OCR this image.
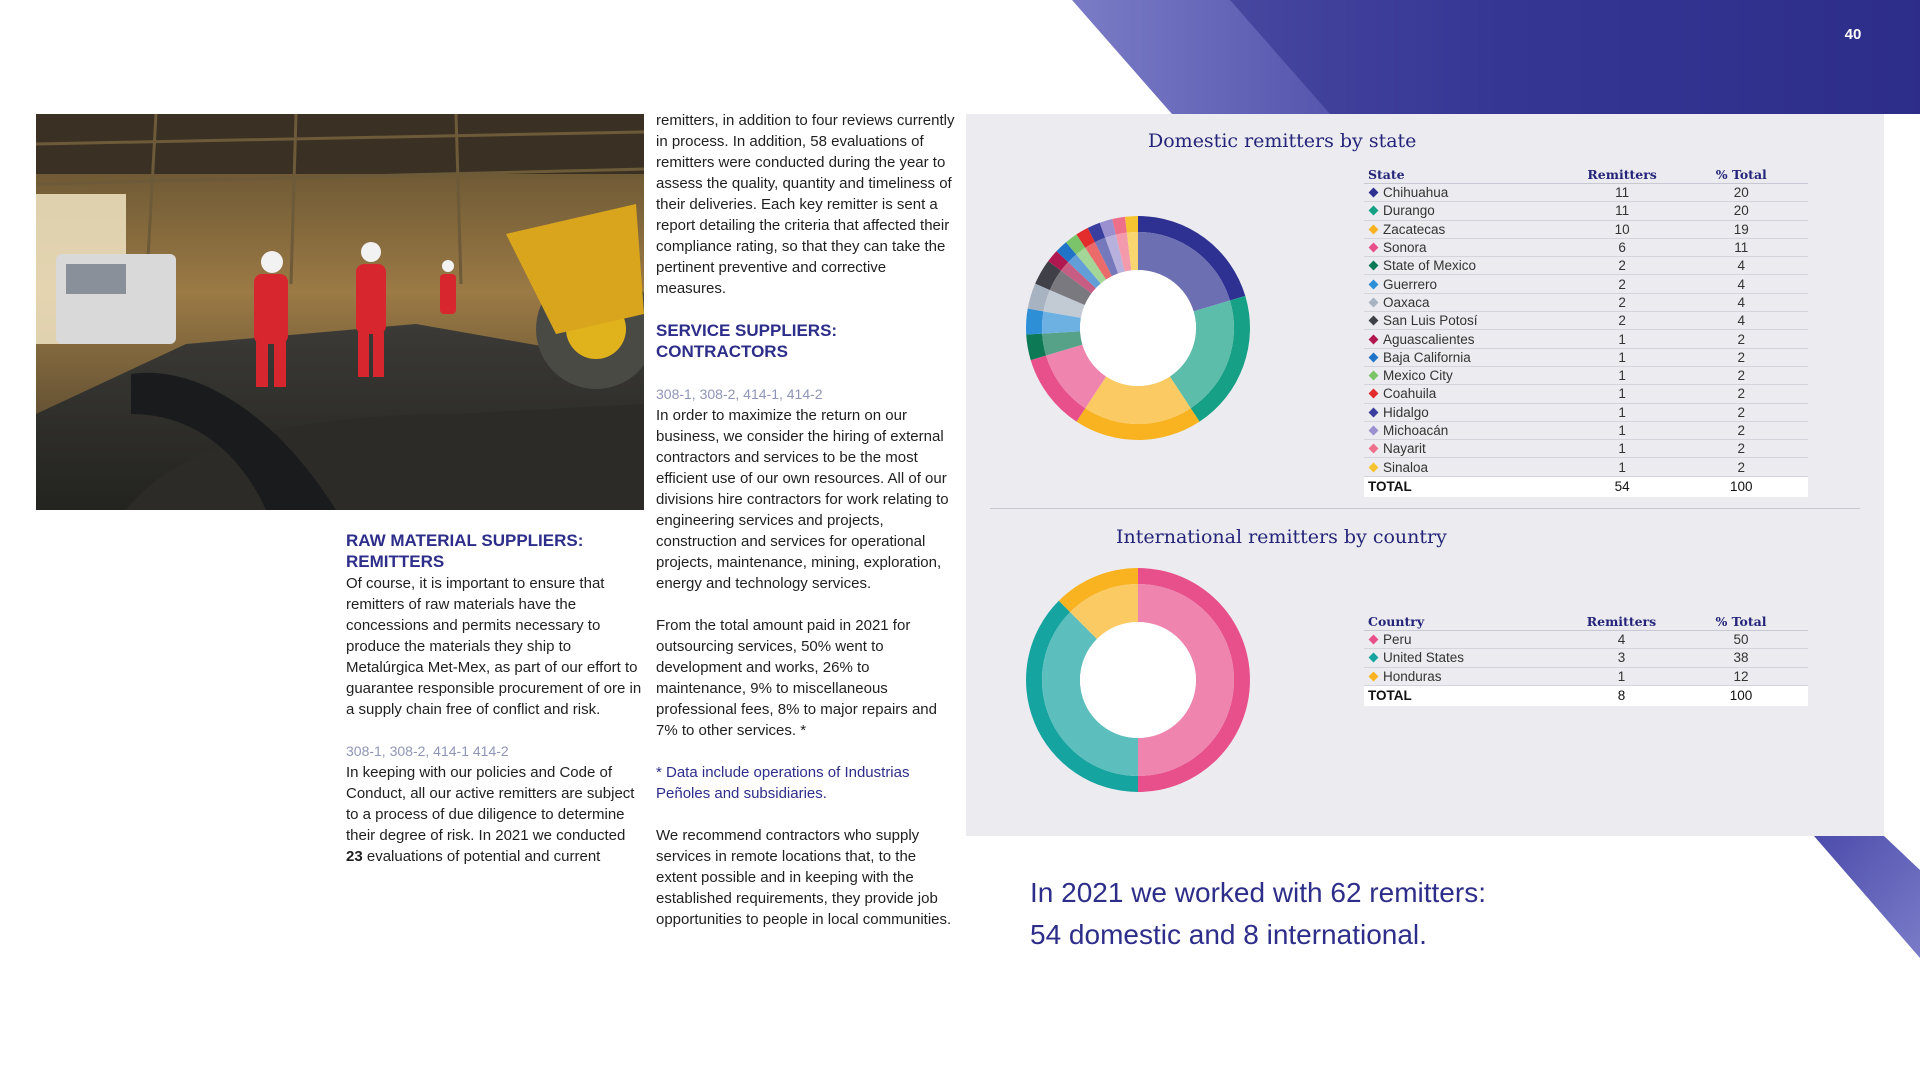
40
RAW MATERIAL SUPPLIERS: REMITTERS

Of course, it is important to ensure that remitters of raw materials have the concessions and permits necessary to produce the materials they ship to Metalúrgica Met-Mex, as part of our effort to guarantee responsible procurement of ore in a supply chain free of conflict and risk.

308-1, 308-2, 414-1 414-2

In keeping with our policies and Code of Conduct, all our active remitters are subject to a process of due diligence to determine their degree of risk. In 2021 we conducted 23 evaluations of potential and current

remitters, in addition to four reviews currently in process. In addition, 58 evaluations of remitters were conducted during the year to assess the quality, quantity and timeliness of their deliveries. Each key remitter is sent a report detailing the criteria that affected their compliance rating, so that they can take the pertinent preventive and corrective measures.

SERVICE SUPPLIERS: CONTRACTORS

308-1, 308-2, 414-1, 414-2

In order to maximize the return on our business, we consider the hiring of external contractors and services to be the most efficient use of our own resources. All of our divisions hire contractors for work relating to engineering services and projects, construction and services for operational projects, maintenance, mining, exploration, energy and technology services.

From the total amount paid in 2021 for outsourcing services, 50% went to development and works, 26% to maintenance, 9% to miscellaneous professional fees, 8% to major repairs and 7% to other services. *

* Data include operations of Industrias Peñoles and subsidiaries.

We recommend contractors who supply services in remote locations that, to the extent possible and in keeping with the established requirements, they provide job opportunities to people in local communities.

Domestic remitters by state
State	Remitters	% Total
Chihuahua	11	20
Durango	11	20
Zacatecas	10	19
Sonora	6	11
State of Mexico	2	4
Guerrero	2	4
Oaxaca	2	4
San Luis Potosí	2	4
Aguascalientes	1	2
Baja California	1	2
Mexico City	1	2
Coahuila	1	2
Hidalgo	1	2
Michoacán	1	2
Nayarit	1	2
Sinaloa	1	2
TOTAL	54	100
International remitters by country
Country	Remitters	% Total
Peru	4	50
United States	3	38
Honduras	1	12
TOTAL	8	100
In 2021 we worked with 62 remitters:
54 domestic and 8 international.
